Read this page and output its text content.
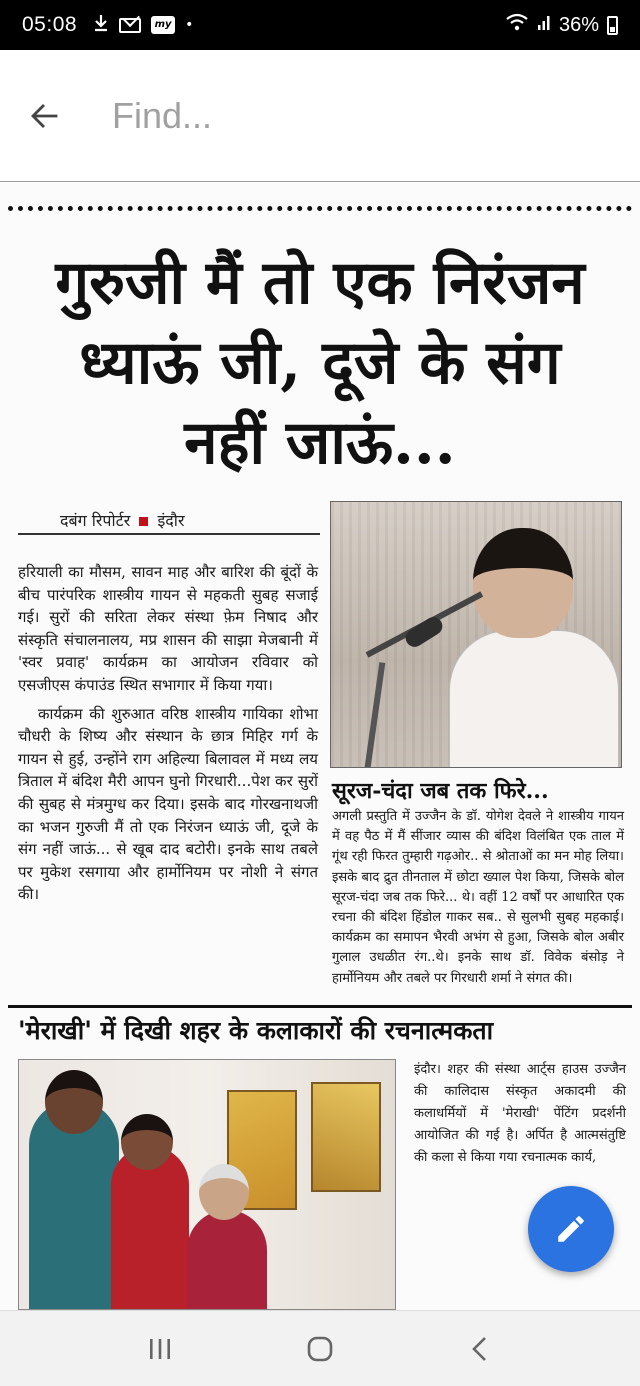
05:08	my •	36%
Find...
गुरुजी मैं तो एक निरंजन ध्याऊं जी, दूजे के संग नहीं जाऊं...
दबंग रिपोर्टर इंदौर

हरियाली का मौसम, सावन माह और बारिश की बूंदों के बीच पारंपरिक शास्त्रीय गायन से महकती सुबह सजाई गई। सुरों की सरिता लेकर संस्था फ़ेम निषाद और संस्कृति संचालनालय, मप्र शासन की साझा मेजबानी में 'स्वर प्रवाह' कार्यक्रम का आयोजन रविवार को एसजीएस कंपाउंड स्थित सभागार में किया गया।

कार्यक्रम की शुरुआत वरिष्ठ शास्त्रीय गायिका शोभा चौधरी के शिष्य और संस्थान के छात्र मिहिर गर्ग के गायन से हुई, उन्होंने राग अहिल्या बिलावल में मध्य लय त्रिताल में बंदिश मैरी आपन घुनो गिरधारी...पेश कर सुरों की सुबह से मंत्रमुग्ध कर दिया। इसके बाद गोरखनाथजी का भजन गुरुजी मैं तो एक निरंजन ध्याऊं जी, दूजे के संग नहीं जाऊं... से खूब दाद बटोरी। इनके साथ तबले पर मुकेश रसगाया और हार्मोनियम पर नोशी ने संगत की।

सूरज-चंदा जब तक फिरे...
अगली प्रस्तुति में उज्जैन के डॉ. योगेश देवले ने शास्त्रीय गायन में वह पैठ में मैं सींजार व्यास की बंदिश विलंबित एक ताल में गूंथ रही फिरत तुम्हारी गढ़ओर.. से श्रोताओं का मन मोह लिया। इसके बाद द्रुत तीनताल में छोटा ख्याल पेश किया, जिसके बोल सूरज-चंदा जब तक फिरे... थे। वहीं 12 वर्षों पर आधारित एक रचना की बंदिश हिंडोल गाकर सब.. से सुलभी सुबह महकाई। कार्यक्रम का समापन भैरवी अभंग से हुआ, जिसके बोल अबीर गुलाल उधळीत रंग..थे। इनके साथ डॉ. विवेक बंसोड़ ने हार्मोनियम और तबले पर गिरधारी शर्मा ने संगत की।
'मेराखी' में दिखी शहर के कलाकारों की रचनात्मकता
इंदौर। शहर की संस्था आर्ट्स हाउस उज्जैन की कालिदास संस्कृत अकादमी की कलाधर्मियों में 'मेराखी' पेंटिंग प्रदर्शनी आयोजित की गई है। अर्पित है आत्मसंतुष्टि की कला से किया गया रचनात्मक कार्य,
